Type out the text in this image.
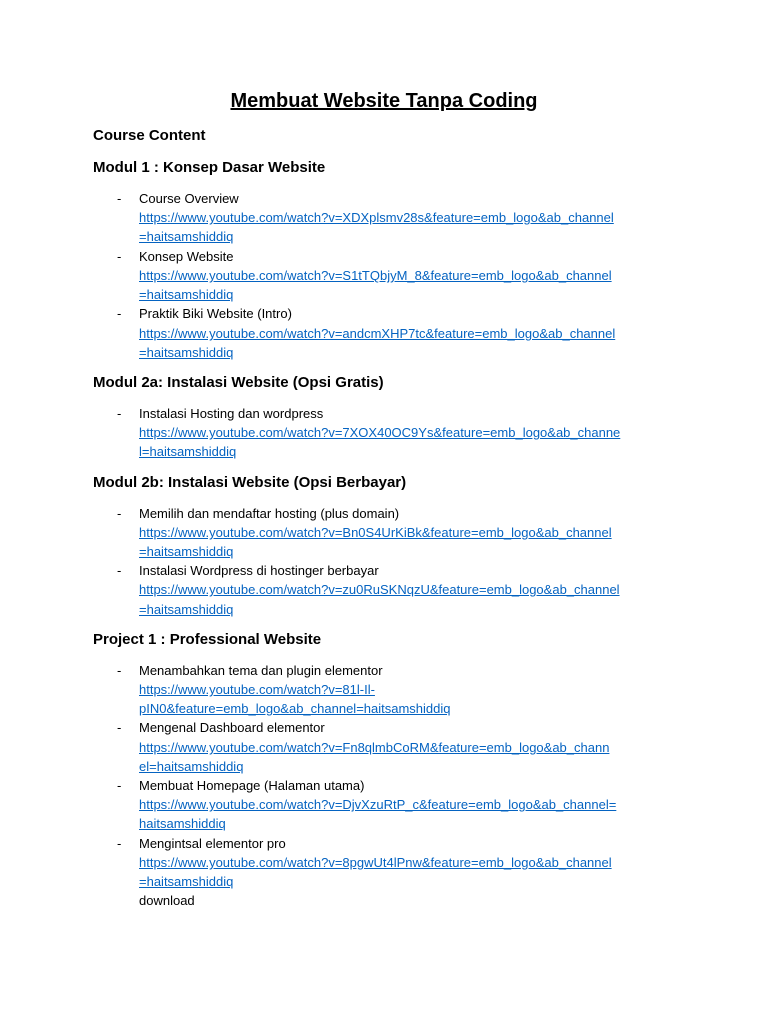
Membuat Website Tanpa Coding
Course Content
Modul 1 : Konsep Dasar Website
- Course Overview
https://www.youtube.com/watch?v=XDXplsmv28s&feature=emb_logo&ab_channel
=haitsamshiddiq
- Konsep Website
https://www.youtube.com/watch?v=S1tTQbjyM_8&feature=emb_logo&ab_channel
=haitsamshiddiq
- Praktik Biki Website (Intro)
https://www.youtube.com/watch?v=andcmXHP7tc&feature=emb_logo&ab_channel
=haitsamshiddiq
Modul 2a: Instalasi Website (Opsi Gratis)
- Instalasi Hosting dan wordpress
https://www.youtube.com/watch?v=7XOX40OC9Ys&feature=emb_logo&ab_channe
l=haitsamshiddiq
Modul 2b: Instalasi Website (Opsi Berbayar)
- Memilih dan mendaftar hosting (plus domain)
https://www.youtube.com/watch?v=Bn0S4UrKiBk&feature=emb_logo&ab_channel
=haitsamshiddiq
- Instalasi Wordpress di hostinger berbayar
https://www.youtube.com/watch?v=zu0RuSKNqzU&feature=emb_logo&ab_channel
=haitsamshiddiq
Project 1 : Professional Website
- Menambahkan tema dan plugin elementor
https://www.youtube.com/watch?v=81l-Il-
pIN0&feature=emb_logo&ab_channel=haitsamshiddiq
- Mengenal Dashboard elementor
https://www.youtube.com/watch?v=Fn8qlmbCoRM&feature=emb_logo&ab_chann
el=haitsamshiddiq
- Membuat Homepage (Halaman utama)
https://www.youtube.com/watch?v=DjvXzuRtP_c&feature=emb_logo&ab_channel=
haitsamshiddiq
- Mengintsal elementor pro
https://www.youtube.com/watch?v=8pgwUt4lPnw&feature=emb_logo&ab_channel
=haitsamshiddiq
download
